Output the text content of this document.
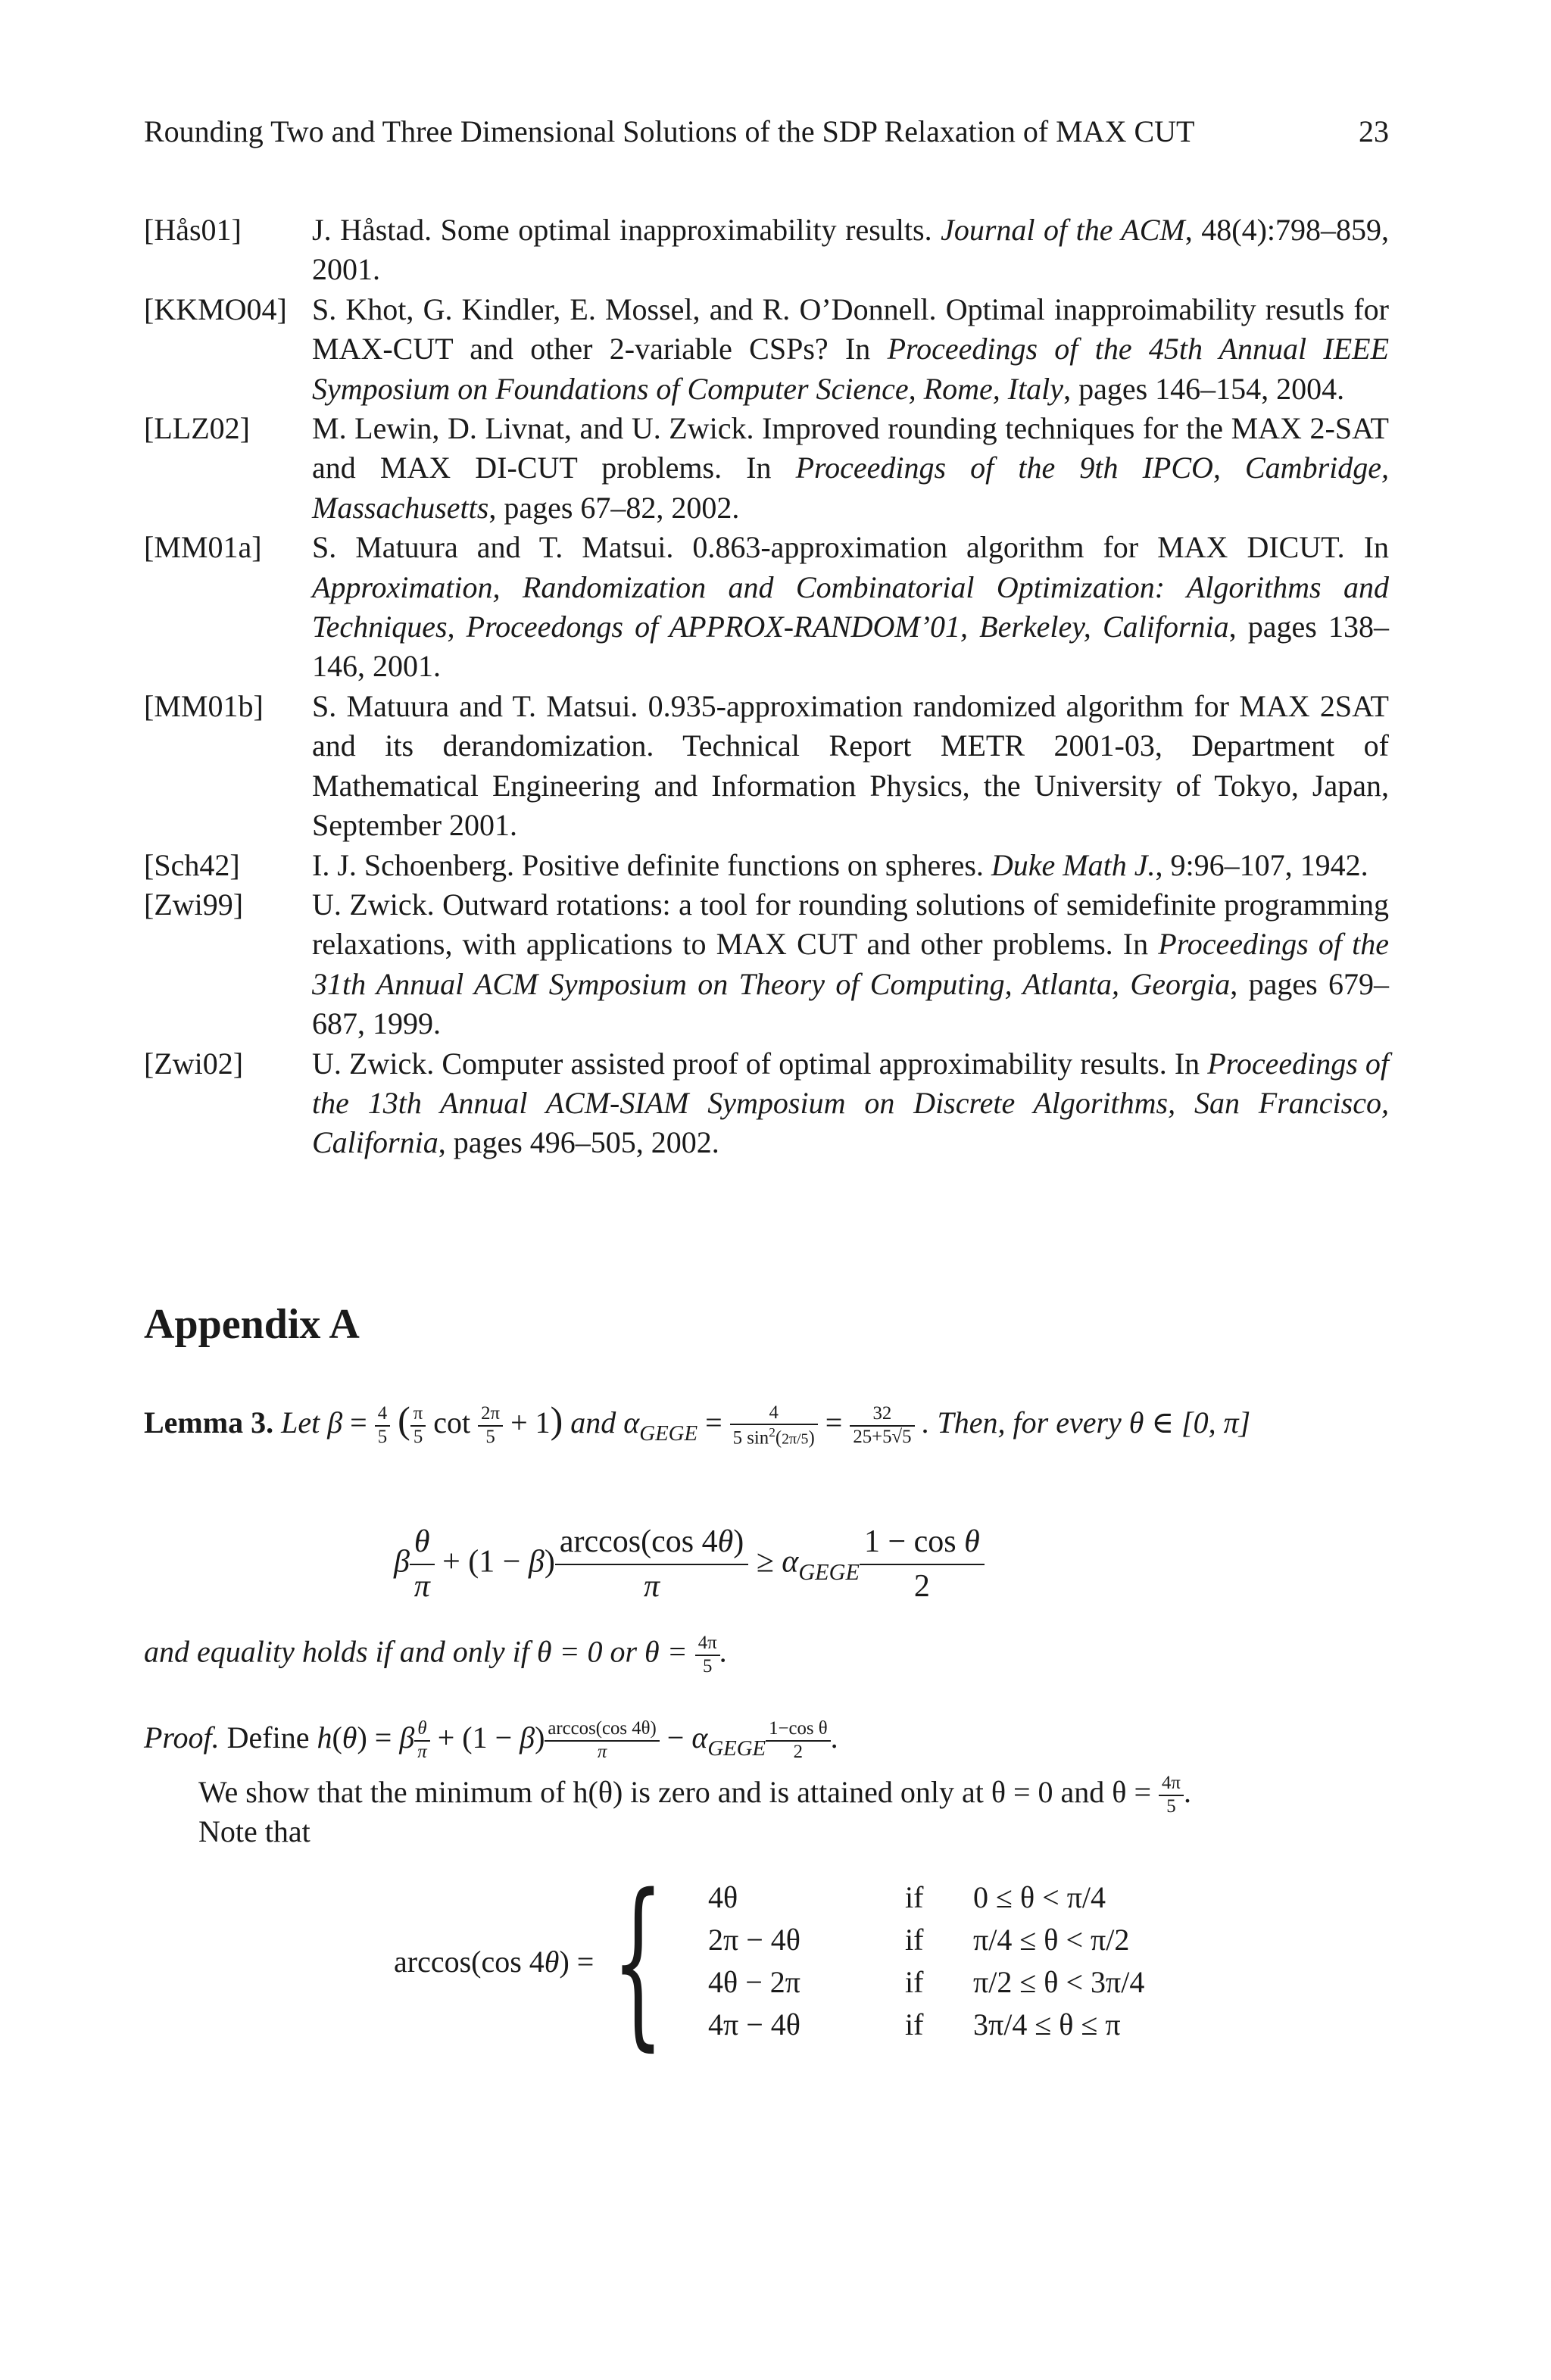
Rounding Two and Three Dimensional Solutions of the SDP Relaxation of MAX CUT	23
[Hås01]	J. Håstad. Some optimal inapproximability results. Journal of the ACM, 48(4):798–859, 2001.
[KKMO04] S. Khot, G. Kindler, E. Mossel, and R. O’Donnell. Optimal inapproimability resutls for MAX-CUT and other 2-variable CSPs? In Proceedings of the 45th Annual IEEE Symposium on Foundations of Computer Science, Rome, Italy, pages 146–154, 2004.
[LLZ02]	M. Lewin, D. Livnat, and U. Zwick. Improved rounding techniques for the MAX 2-SAT and MAX DI-CUT problems. In Proceedings of the 9th IPCO, Cambridge, Massachusetts, pages 67–82, 2002.
[MM01a]	S. Matuura and T. Matsui. 0.863-approximation algorithm for MAX DICUT. In Approximation, Randomization and Combinatorial Optimization: Algorithms and Techniques, Proceedongs of APPROX-RANDOM’01, Berkeley, California, pages 138–146, 2001.
[MM01b]	S. Matuura and T. Matsui. 0.935-approximation randomized algorithm for MAX 2SAT and its derandomization. Technical Report METR 2001-03, Department of Mathematical Engineering and Information Physics, the University of Tokyo, Japan, September 2001.
[Sch42]	I. J. Schoenberg. Positive definite functions on spheres. Duke Math J., 9:96–107, 1942.
[Zwi99]	U. Zwick. Outward rotations: a tool for rounding solutions of semidefinite programming relaxations, with applications to MAX CUT and other problems. In Proceedings of the 31th Annual ACM Symposium on Theory of Computing, Atlanta, Georgia, pages 679–687, 1999.
[Zwi02]	U. Zwick. Computer assisted proof of optimal approximability results. In Proceedings of the 13th Annual ACM-SIAM Symposium on Discrete Algorithms, San Francisco, California, pages 496–505, 2002.
Appendix A
Lemma 3. Let $\beta = \frac{4}{5}$ ( $\frac{\pi}{5}$ $\cot \frac{2\pi}{5} + 1$) and $\alpha_{GEGE} = \frac{4}{5 \sin^2(2\pi/5)} = \frac{32}{25+5√5}$ . Then, for every θ ∈ [0, π]
β $\frac{\theta}{\pi} + (1 - \beta) \frac{\arccos(\cos 4\theta)}{\pi} \ge \alpha_{GEGE} \frac{\text{1 − cos θ}}{2}$
and equality holds if and only if θ = 0 or $\theta = \frac{4\pi}{5}$ .
Proof. Define h(θ) = β $\frac{\theta}{\pi} + (1 - \beta) \frac{\arccos(\cos 4\theta)}{\pi} - \alpha_{GEGE} \frac{\text{1−cos θ}}{2}$ .
We show that the minimum of h(θ) is zero and is attained only at θ = 0 and $\theta = \frac{4\pi}{5}$ .
Note that
arccos(cos 4θ) = {	4θ	if	0 ≤ θ < π/4
2π − 4θ	if	π/4 ≤ θ < π/2
4θ − 2π	if	π/2 ≤ θ < 3π/4
4π − 4θ	if	3π/4 ≤ θ ≤ π
